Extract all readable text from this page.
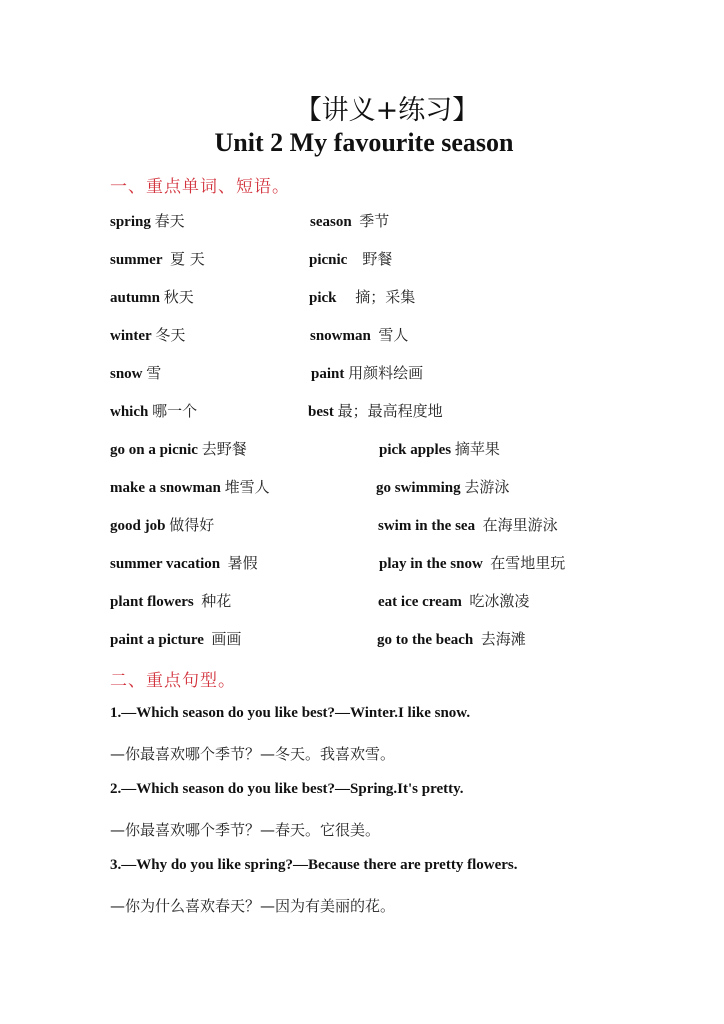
【讲义+练习】
Unit 2 My favourite season
一、重点单词、短语。
spring 春天	season 季节
summer 夏 天	picnic 野餐
autumn 秋天	pick 摘；采集
winter 冬天	snowman 雪人
snow 雪	paint 用颜料绘画
which 哪一个	best 最；最高程度地
go on a picnic 去野餐	pick apples 摘苹果
make a snowman 堆雪人	go swimming 去游泳
good job 做得好	swim in the sea 在海里游泳
summer vacation 暑假	play in the snow 在雪地里玩
plant flowers 种花	eat ice cream 吃冰激凌
paint a picture 画画	go to the beach 去海滩
二、重点句型。
1.—Which season do you like best?—Winter.I like snow.
—你最喜欢哪个季节？—冬天。我喜欢雪。
2.—Which season do you like best?—Spring.It's pretty.
—你最喜欢哪个季节？—春天。它很美。
3.—Why do you like spring?—Because there are pretty flowers.
—你为什么喜欢春天？—因为有美丽的花。
